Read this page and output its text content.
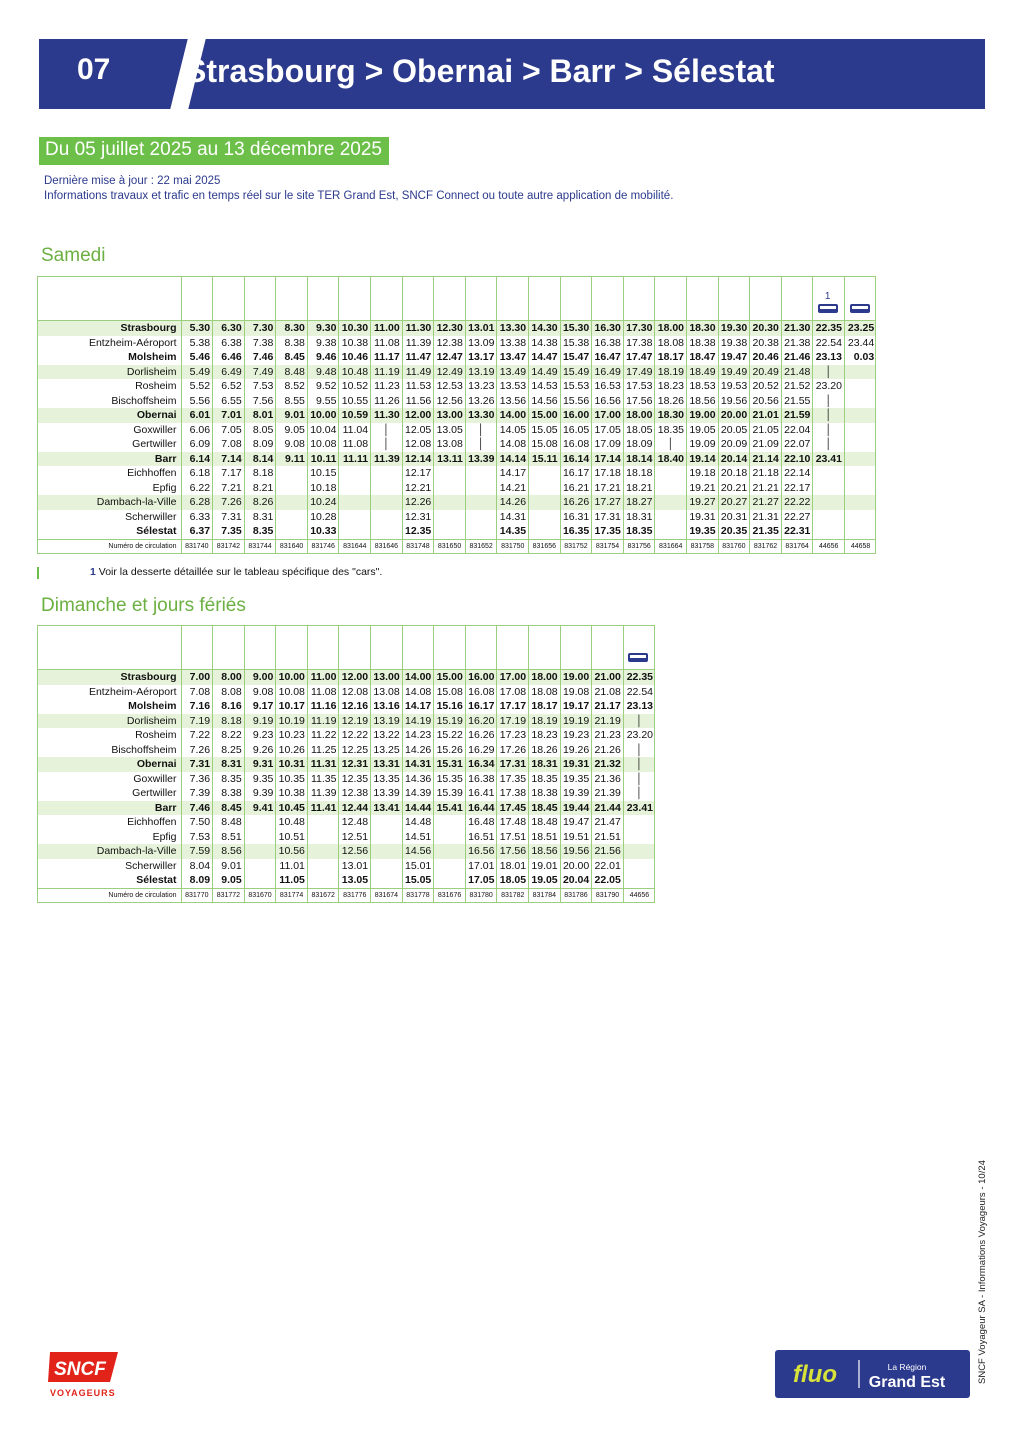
07 Strasbourg > Obernai > Barr > Sélestat
Du 05 juillet 2025 au 13 décembre 2025
Dernière mise à jour : 22 mai 2025
Informations travaux et trafic en temps réel sur le site TER Grand Est, SNCF Connect ou toute autre application de mobilité.
Samedi

																					1	

Strasbourg	5.30	6.30	7.30	8.30	9.30	10.30	11.00	11.30	12.30	13.01	13.30	14.30	15.30	16.30	17.30	18.00	18.30	19.30	20.30	21.30	22.35	23.25
Entzheim-Aéroport	5.38	6.38	7.38	8.38	9.38	10.38	11.08	11.39	12.38	13.09	13.38	14.38	15.38	16.38	17.38	18.08	18.38	19.38	20.38	21.38	22.54	23.44
Molsheim	5.46	6.46	7.46	8.45	9.46	10.46	11.17	11.47	12.47	13.17	13.47	14.47	15.47	16.47	17.47	18.17	18.47	19.47	20.46	21.46	23.13	0.03
Dorlisheim	5.49	6.49	7.49	8.48	9.48	10.48	11.19	11.49	12.49	13.19	13.49	14.49	15.49	16.49	17.49	18.19	18.49	19.49	20.49	21.48	│	
Rosheim	5.52	6.52	7.53	8.52	9.52	10.52	11.23	11.53	12.53	13.23	13.53	14.53	15.53	16.53	17.53	18.23	18.53	19.53	20.52	21.52	23.20	
Bischoffsheim	5.56	6.55	7.56	8.55	9.55	10.55	11.26	11.56	12.56	13.26	13.56	14.56	15.56	16.56	17.56	18.26	18.56	19.56	20.56	21.55	│	
Obernai	6.01	7.01	8.01	9.01	10.00	10.59	11.30	12.00	13.00	13.30	14.00	15.00	16.00	17.00	18.00	18.30	19.00	20.00	21.01	21.59	│	
Goxwiller	6.06	7.05	8.05	9.05	10.04	11.04	│	12.05	13.05	│	14.05	15.05	16.05	17.05	18.05	18.35	19.05	20.05	21.05	22.04	│	
Gertwiller	6.09	7.08	8.09	9.08	10.08	11.08	│	12.08	13.08	│	14.08	15.08	16.08	17.09	18.09	│	19.09	20.09	21.09	22.07	│	
Barr	6.14	7.14	8.14	9.11	10.11	11.11	11.39	12.14	13.11	13.39	14.14	15.11	16.14	17.14	18.14	18.40	19.14	20.14	21.14	22.10	23.41	
Eichhoffen	6.18	7.17	8.18		10.15			12.17			14.17		16.17	17.18	18.18		19.18	20.18	21.18	22.14		
Epfig	6.22	7.21	8.21		10.18			12.21			14.21		16.21	17.21	18.21		19.21	20.21	21.21	22.17		
Dambach-la-Ville	6.28	7.26	8.26		10.24			12.26			14.26		16.26	17.27	18.27		19.27	20.27	21.27	22.22		
Scherwiller	6.33	7.31	8.31		10.28			12.31			14.31		16.31	17.31	18.31		19.31	20.31	21.31	22.27		
Sélestat	6.37	7.35	8.35		10.33			12.35			14.35		16.35	17.35	18.35		19.35	20.35	21.35	22.31		
Numéro de circulation	831740	831742	831744	831640	831746	831644	831646	831748	831650	831652	831750	831656	831752	831754	831756	831664	831758	831760	831762	831764	44656	44658
1 Voir la desserte détaillée sur le tableau spécifique des "cars".
Dimanche et jours fériés

Strasbourg	7.00	8.00	9.00	10.00	11.00	12.00	13.00	14.00	15.00	16.00	17.00	18.00	19.00	21.00	22.35
Entzheim-Aéroport	7.08	8.08	9.08	10.08	11.08	12.08	13.08	14.08	15.08	16.08	17.08	18.08	19.08	21.08	22.54
Molsheim	7.16	8.16	9.17	10.17	11.16	12.16	13.16	14.17	15.16	16.17	17.17	18.17	19.17	21.17	23.13
Dorlisheim	7.19	8.18	9.19	10.19	11.19	12.19	13.19	14.19	15.19	16.20	17.19	18.19	19.19	21.19	│
Rosheim	7.22	8.22	9.23	10.23	11.22	12.22	13.22	14.23	15.22	16.26	17.23	18.23	19.23	21.23	23.20
Bischoffsheim	7.26	8.25	9.26	10.26	11.25	12.25	13.25	14.26	15.26	16.29	17.26	18.26	19.26	21.26	│
Obernai	7.31	8.31	9.31	10.31	11.31	12.31	13.31	14.31	15.31	16.34	17.31	18.31	19.31	21.32	│
Goxwiller	7.36	8.35	9.35	10.35	11.35	12.35	13.35	14.36	15.35	16.38	17.35	18.35	19.35	21.36	│
Gertwiller	7.39	8.38	9.39	10.38	11.39	12.38	13.39	14.39	15.39	16.41	17.38	18.38	19.39	21.39	│
Barr	7.46	8.45	9.41	10.45	11.41	12.44	13.41	14.44	15.41	16.44	17.45	18.45	19.44	21.44	23.41
Eichhoffen	7.50	8.48		10.48		12.48		14.48		16.48	17.48	18.48	19.47	21.47	
Epfig	7.53	8.51		10.51		12.51		14.51		16.51	17.51	18.51	19.51	21.51	
Dambach-la-Ville	7.59	8.56		10.56		12.56		14.56		16.56	17.56	18.56	19.56	21.56	
Scherwiller	8.04	9.01		11.01		13.01		15.01		17.01	18.01	19.01	20.00	22.01	
Sélestat	8.09	9.05		11.05		13.05		15.05		17.05	18.05	19.05	20.04	22.05	
Numéro de circulation	831770	831772	831670	831774	831672	831776	831674	831778	831676	831780	831782	831784	831786	831790	44656
SNCF
VOYAGEURS
fluo	La Région
Grand Est	SNCF Voyageur SA - Informations Voyageurs - 10/24
